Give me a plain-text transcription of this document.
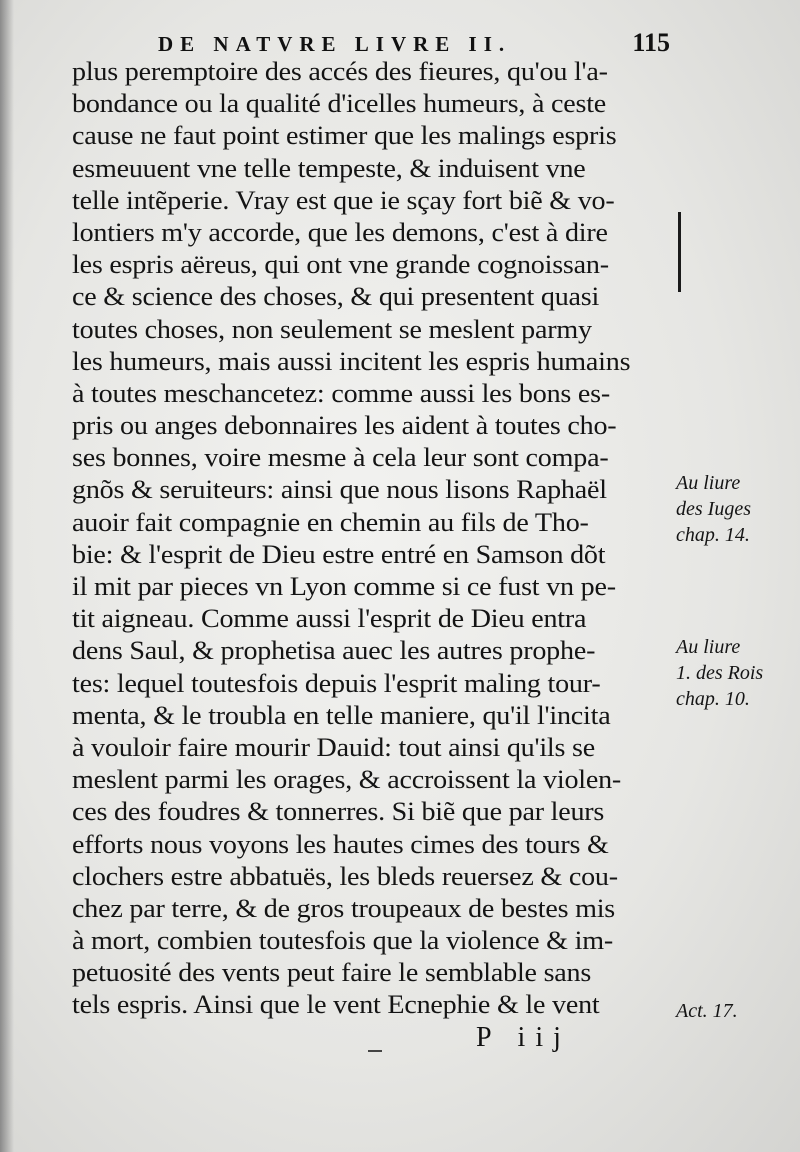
DE NATVRE LIVRE II.	115
plus peremptoire des accés des fieures, qu'ou l'a-
bondance ou la qualité d'icelles humeurs, à ceste
cause ne faut point estimer que les malings espris
esmeuuent vne telle tempeste, & induisent vne
telle intẽperie. Vray est que ie sçay fort biẽ & vo-
lontiers m'y accorde, que les demons, c'est à dire
les espris aëreus, qui ont vne grande cognoissan-
ce & science des choses, & qui presentent quasi
toutes choses, non seulement se meslent parmy
les humeurs, mais aussi incitent les espris humains
à toutes meschancetez: comme aussi les bons es-
pris ou anges debonnaires les aident à toutes cho-
ses bonnes, voire mesme à cela leur sont compa-
gnõs & seruiteurs: ainsi que nous lisons Raphaël
auoir fait compagnie en chemin au fils de Tho-
bie: & l'esprit de Dieu estre entré en Samson dõt
il mit par pieces vn Lyon comme si ce fust vn pe-
tit aigneau. Comme aussi l'esprit de Dieu entra
dens Saul, & prophetisa auec les autres prophe-
tes: lequel toutesfois depuis l'esprit maling tour-
menta, & le troubla en telle maniere, qu'il l'incita
à vouloir faire mourir Dauid: tout ainsi qu'ils se
meslent parmi les orages, & accroissent la violen-
ces des foudres & tonnerres. Si biẽ que par leurs
efforts nous voyons les hautes cimes des tours &
clochers estre abbatuës, les bleds reuersez & cou-
chez par terre, & de gros troupeaux de bestes mis
à mort, combien toutesfois que la violence & im-
petuosité des vents peut faire le semblable sans
tels espris. Ainsi que le vent Ecnephie & le vent
Au liure
des Iuges
chap. 14.
Au liure
1. des Rois
chap. 10.
Act. 17.
P iij
